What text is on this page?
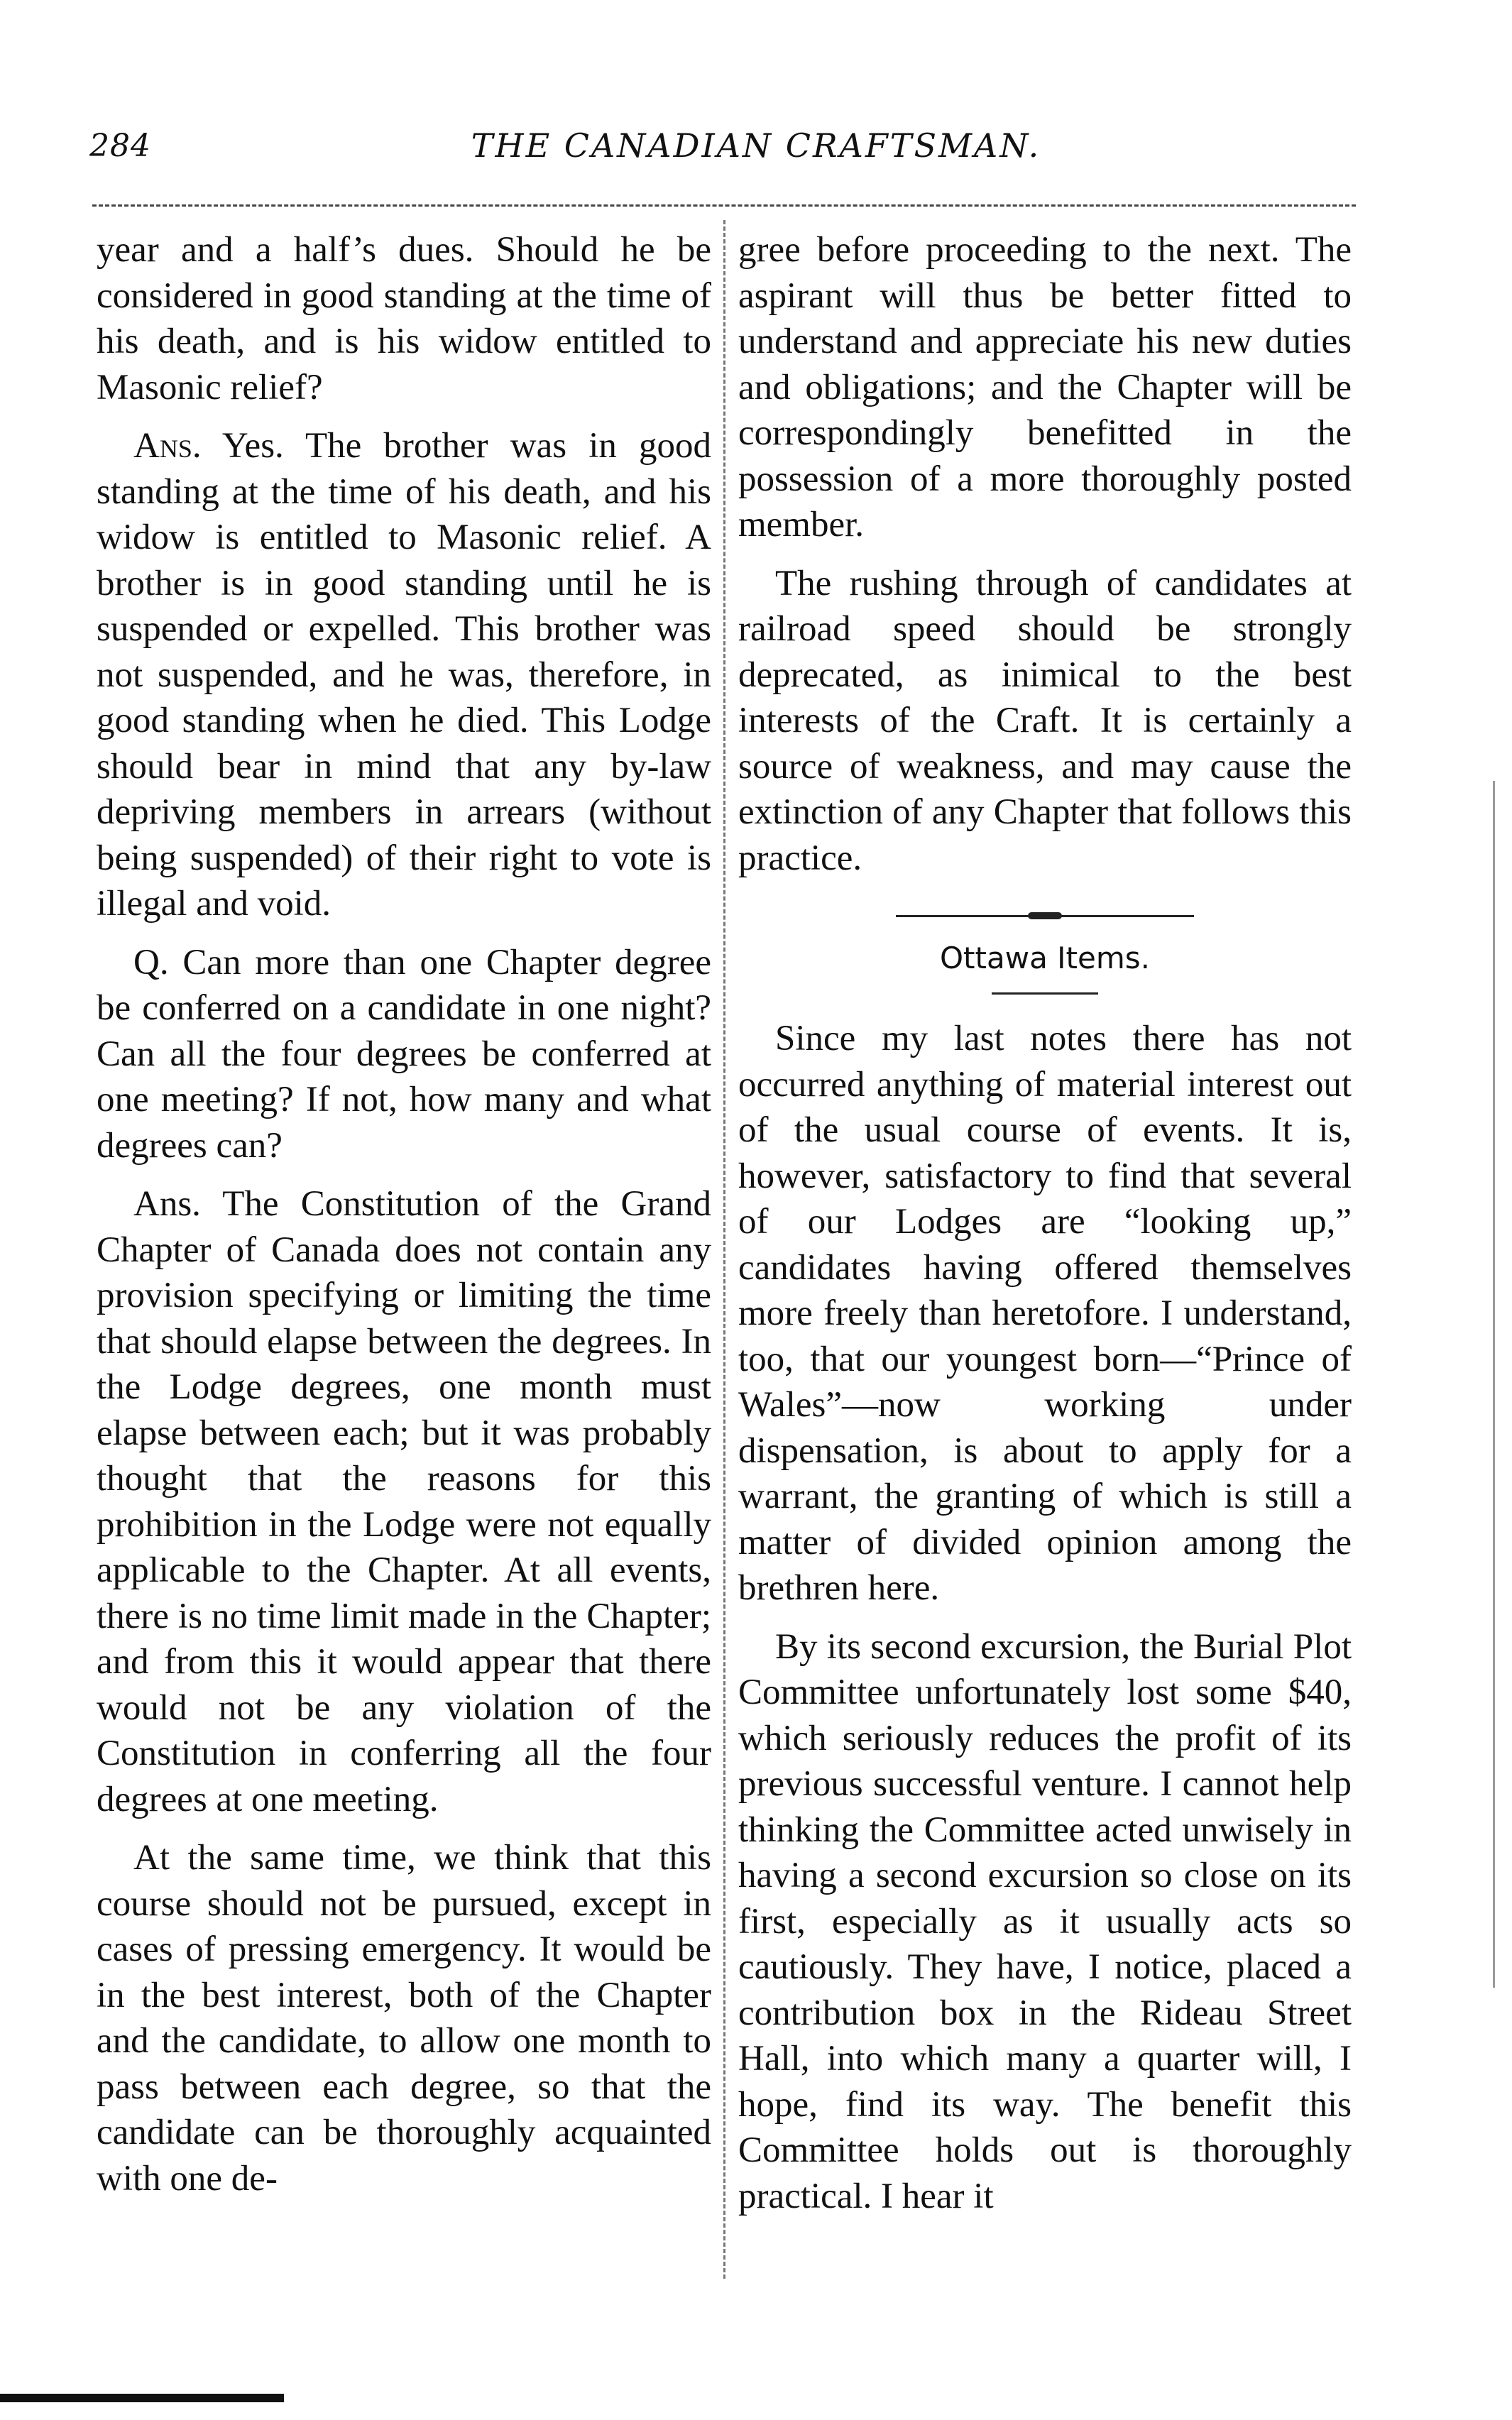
284	THE CANADIAN CRAFTSMAN.

year and a half’s dues. Should he be considered in good standing at the time of his death, and is his widow entitled to Masonic relief?

Ans. Yes. The brother was in good standing at the time of his death, and his widow is entitled to Masonic relief. A brother is in good standing until he is suspended or expelled. This brother was not suspended, and he was, therefore, in good standing when he died. This Lodge should bear in mind that any by-law depriving members in arrears (without being suspended) of their right to vote is illegal and void.

Q. Can more than one Chapter degree be conferred on a candidate in one night? Can all the four degrees be conferred at one meeting? If not, how many and what degrees can?

Ans. The Constitution of the Grand Chapter of Canada does not contain any provision specifying or limiting the time that should elapse between the degrees. In the Lodge degrees, one month must elapse between each; but it was probably thought that the reasons for this prohibition in the Lodge were not equally applicable to the Chapter. At all events, there is no time limit made in the Chapter; and from this it would appear that there would not be any violation of the Constitution in conferring all the four degrees at one meeting.

At the same time, we think that this course should not be pursued, except in cases of pressing emergency. It would be in the best interest, both of the Chapter and the candidate, to allow one month to pass between each degree, so that the candidate can be thoroughly acquainted with one de-

gree before proceeding to the next. The aspirant will thus be better fitted to understand and appreciate his new duties and obligations; and the Chapter will be correspondingly benefitted in the possession of a more thoroughly posted member.

The rushing through of candidates at railroad speed should be strongly deprecated, as inimical to the best interests of the Craft. It is certainly a source of weakness, and may cause the extinction of any Chapter that follows this practice.

Ottawa Items.

Since my last notes there has not occurred anything of material interest out of the usual course of events. It is, however, satisfactory to find that several of our Lodges are “looking up,” candidates having offered themselves more freely than heretofore. I understand, too, that our youngest born—“Prince of Wales”—now working under dispensation, is about to apply for a warrant, the granting of which is still a matter of divided opinion among the brethren here.

By its second excursion, the Burial Plot Committee unfortunately lost some $40, which seriously reduces the profit of its previous successful venture. I cannot help thinking the Committee acted unwisely in having a second excursion so close on its first, especially as it usually acts so cautiously. They have, I notice, placed a contribution box in the Rideau Street Hall, into which many a quarter will, I hope, find its way. The benefit this Committee holds out is thoroughly practical. I hear it
